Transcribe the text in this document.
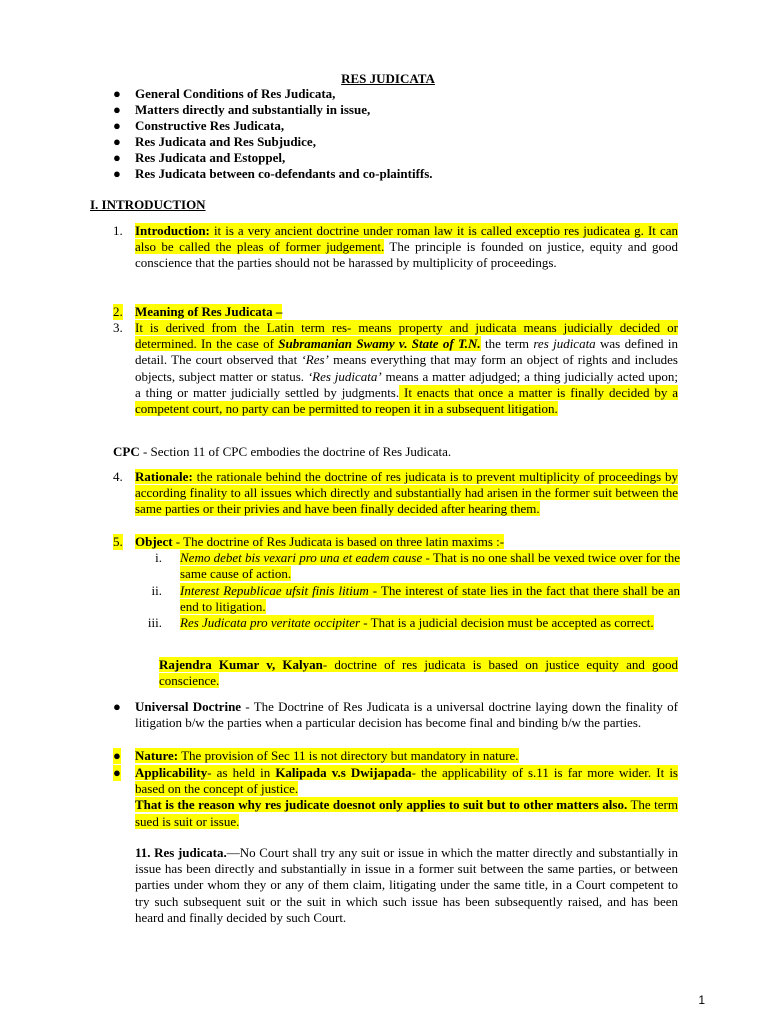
RES JUDICATA
● General Conditions of Res Judicata,
● Matters directly and substantially in issue,
● Constructive Res Judicata,
● Res Judicata and Res Subjudice,
● Res Judicata and Estoppel,
● Res Judicata between co-defendants and co-plaintiffs.
I. INTRODUCTION
1. Introduction: it is a very ancient doctrine under roman law it is called exceptio res judicatea g. It can also be called the pleas of former judgement. The principle is founded on justice, equity and good conscience that the parties should not be harassed by multiplicity of proceedings.
2. Meaning of Res Judicata –
3. It is derived from the Latin term res- means property and judicata means judicially decided or determined. In the case of Subramanian Swamy v. State of T.N. the term res judicata was defined in detail. The court observed that ‘Res’ means everything that may form an object of rights and includes objects, subject matter or status. ‘Res judicata’ means a matter adjudged; a thing judicially acted upon; a thing or matter judicially settled by judgments. It enacts that once a matter is finally decided by a competent court, no party can be permitted to reopen it in a subsequent litigation.
CPC - Section 11 of CPC embodies the doctrine of Res Judicata.
4. Rationale: the rationale behind the doctrine of res judicata is to prevent multiplicity of proceedings by according finality to all issues which directly and substantially had arisen in the former suit between the same parties or their privies and have been finally decided after hearing them.
5. Object - The doctrine of Res Judicata is based on three latin maxims :-
i. Nemo debet bis vexari pro una et eadem cause - That is no one shall be vexed twice over for the same cause of action.
ii. Interest Republicae ufsit finis litium - The interest of state lies in the fact that there shall be an end to litigation.
iii. Res Judicata pro veritate occipiter - That is a judicial decision must be accepted as correct.
Rajendra Kumar v, Kalyan- doctrine of res judicata is based on justice equity and good conscience.
● Universal Doctrine - The Doctrine of Res Judicata is a universal doctrine laying down the finality of litigation b/w the parties when a particular decision has become final and binding b/w the parties.
● Nature: The provision of Sec 11 is not directory but mandatory in nature.
● Applicability- as held in Kalipada v.s Dwijapada- the applicability of s.11 is far more wider. It is based on the concept of justice.
That is the reason why res judicate doesnot only applies to suit but to other matters also. The term sued is suit or issue.
11. Res judicata.—No Court shall try any suit or issue in which the matter directly and substantially in issue has been directly and substantially in issue in a former suit between the same parties, or between parties under whom they or any of them claim, litigating under the same title, in a Court competent to try such subsequent suit or the suit in which such issue has been subsequently raised, and has been heard and finally decided by such Court.
1
